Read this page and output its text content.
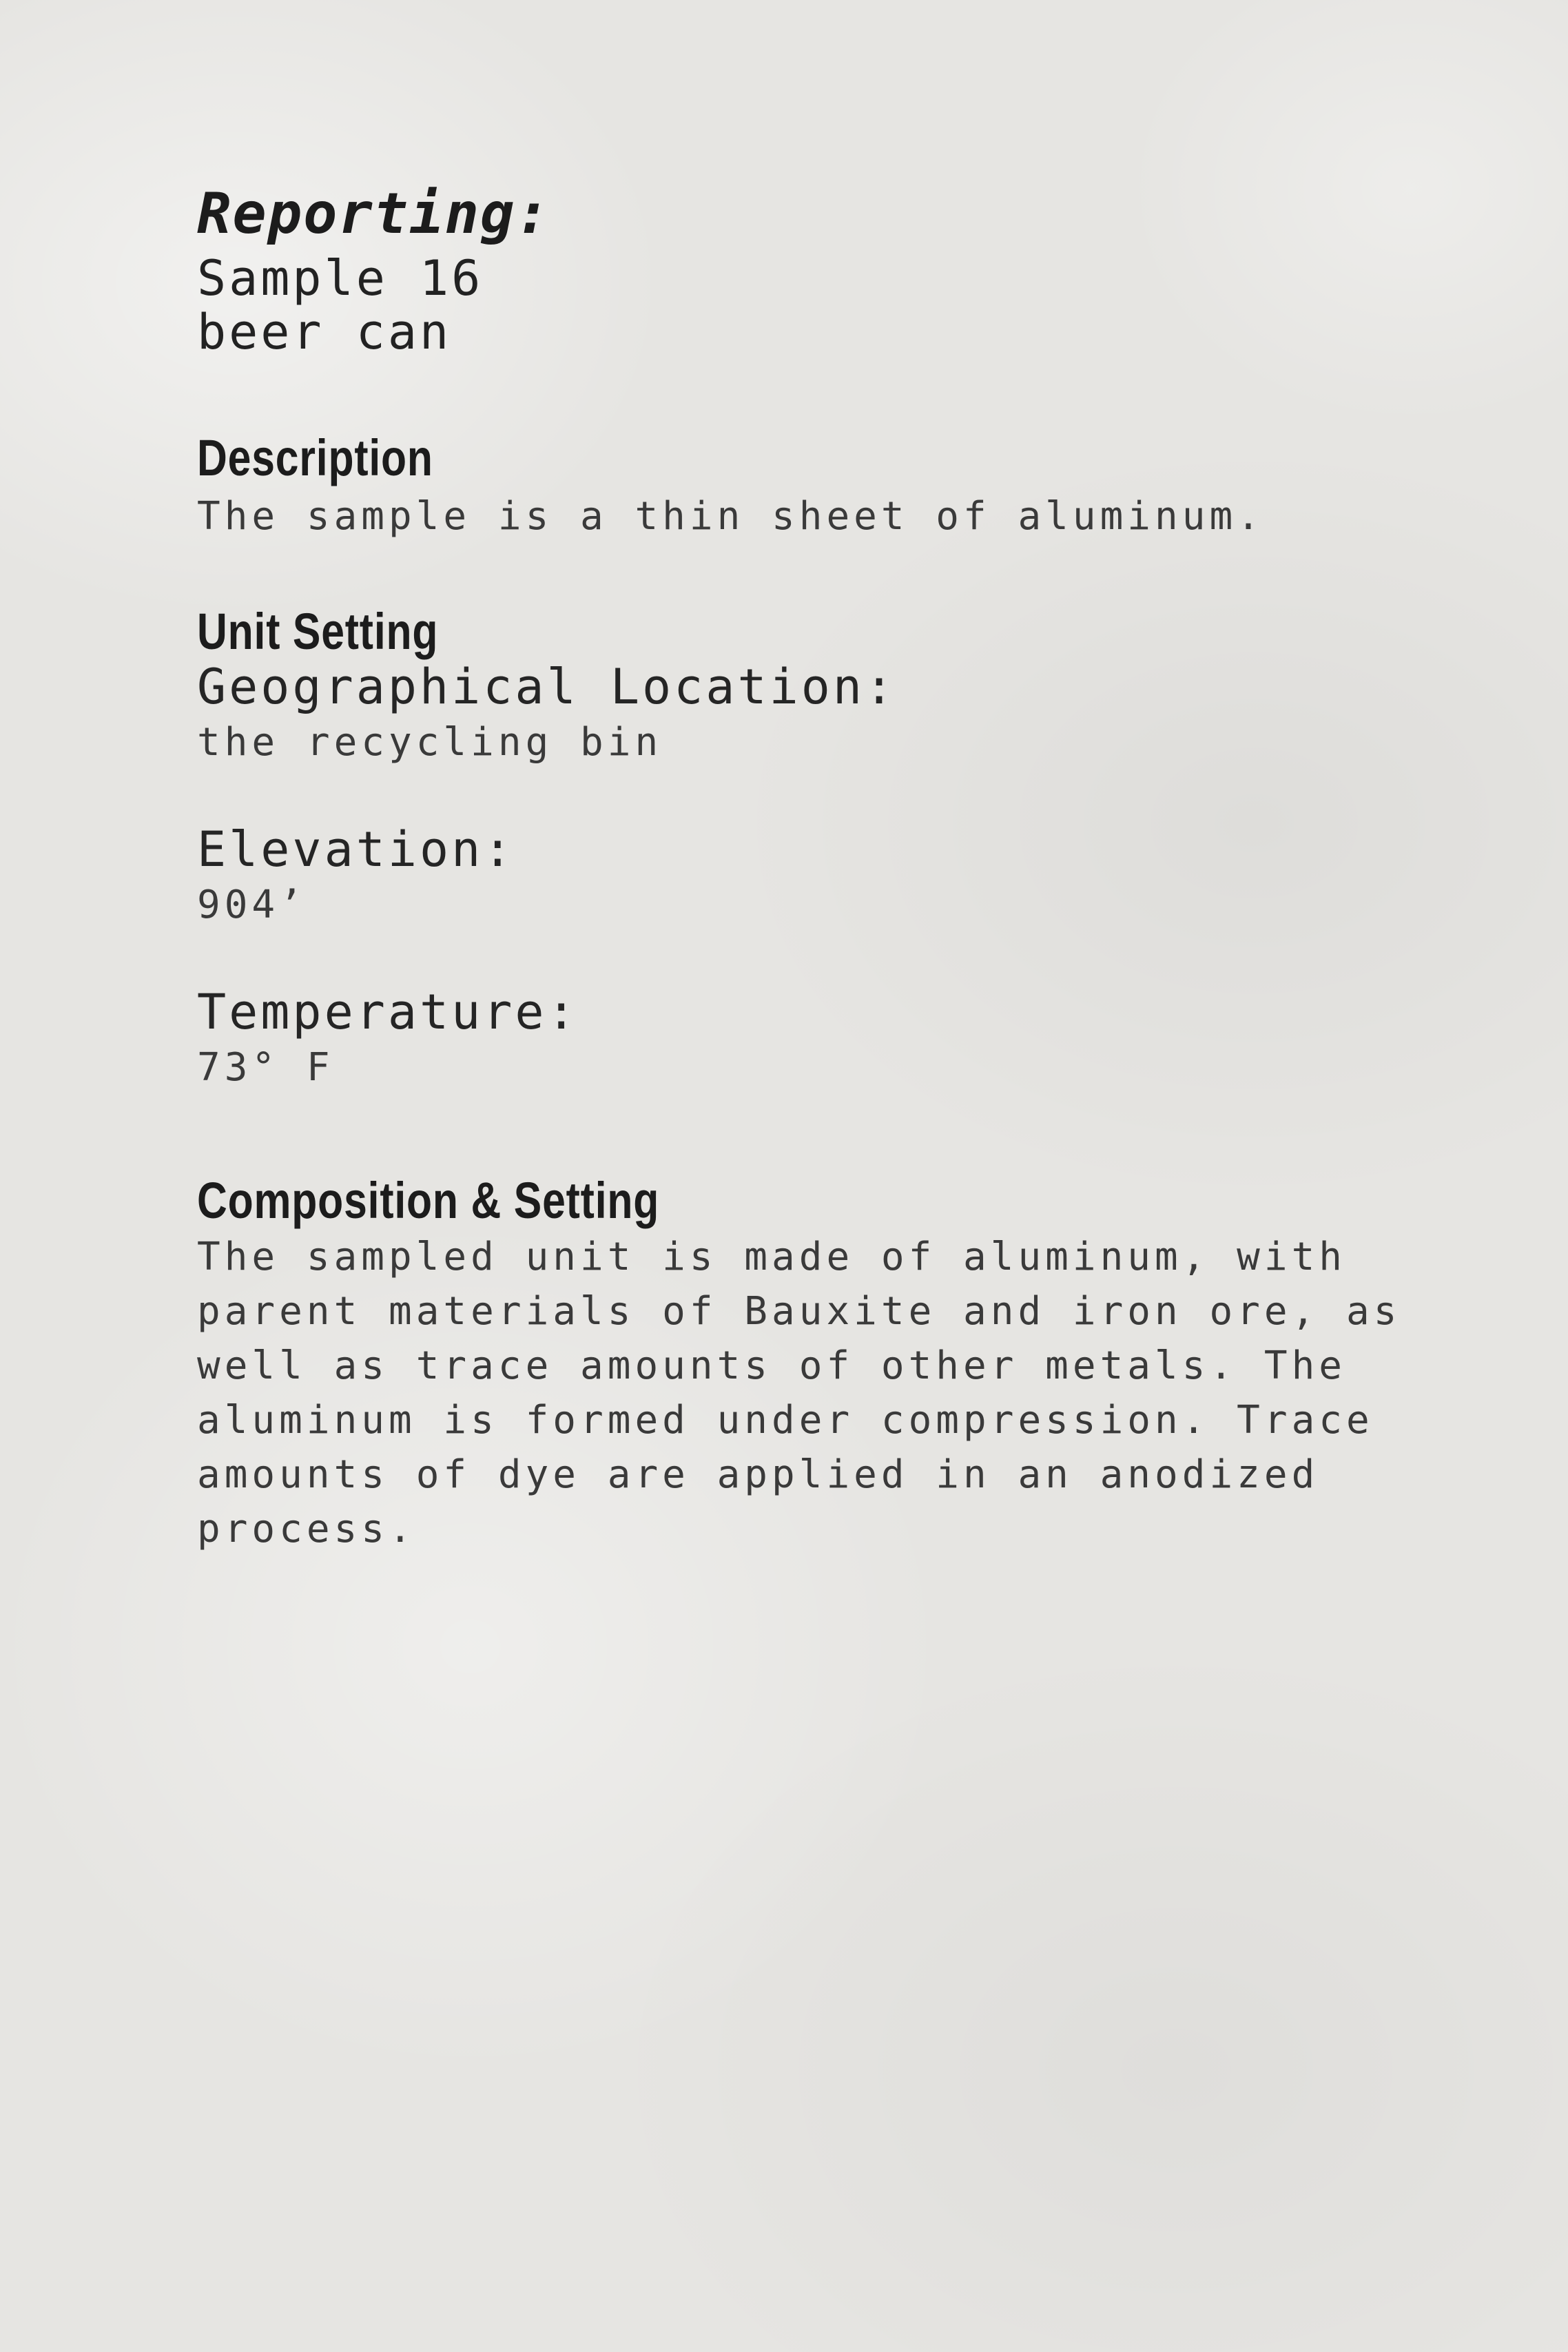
Reporting:

Sample 16

beer can

Description

The sample is a thin sheet of aluminum.

Unit Setting

Geographical Location:

the recycling bin

Elevation:

904’

Temperature:

73° F

Composition & Setting

The sampled unit is made of aluminum, with

parent materials of Bauxite and iron ore, as

well as trace amounts of other metals. The

aluminum is formed under compression. Trace

amounts of dye are applied in an anodized

process.
